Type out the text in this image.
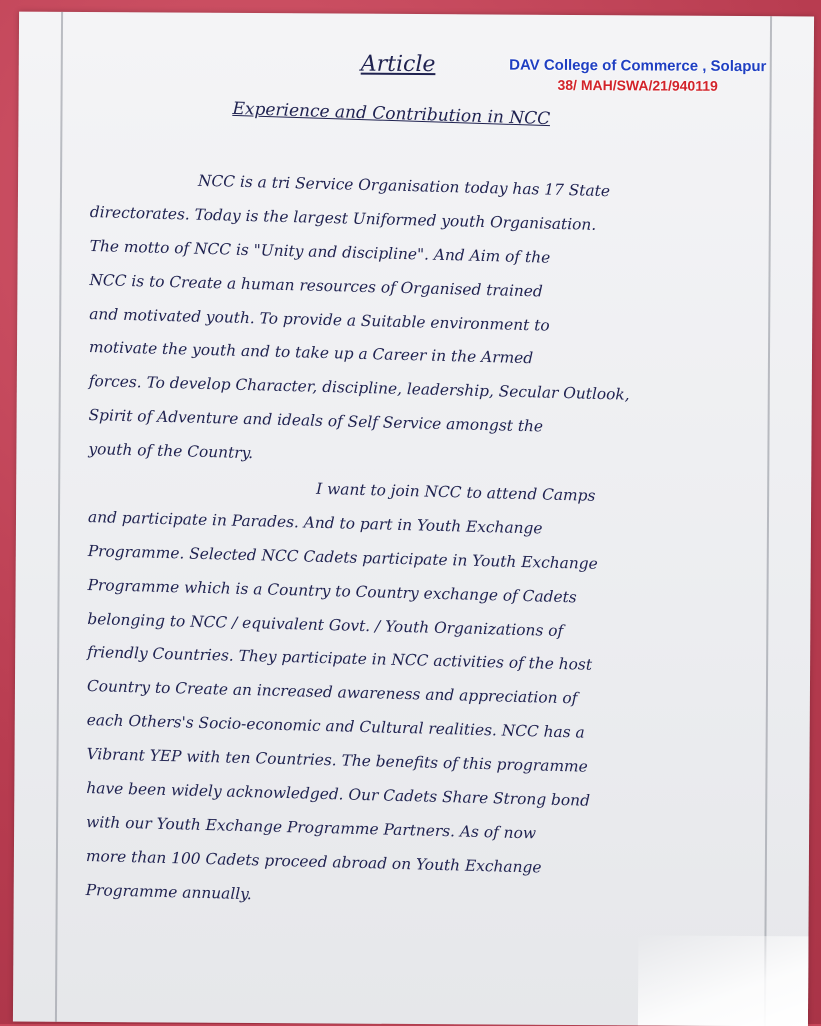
Article
Experience and Contribution in NCC
DAV College of Commerce , Solapur
38/ MAH/SWA/21/940119
NCC is a tri Service Organisation today has 17 State
directorates. Today is the largest Uniformed youth Organisation.
The motto of NCC is "Unity and discipline". And Aim of the
NCC is to Create a human resources of Organised trained
and motivated youth. To provide a Suitable environment to
motivate the youth and to take up a Career in the Armed
forces. To develop Character, discipline, leadership, Secular Outlook,
Spirit of Adventure and ideals of Self Service amongst the
youth of the Country.
I want to join NCC to attend Camps
and participate in Parades. And to part in Youth Exchange
Programme. Selected NCC Cadets participate in Youth Exchange
Programme which is a Country to Country exchange of Cadets
belonging to NCC / equivalent Govt. / Youth Organizations of
friendly Countries. They participate in NCC activities of the host
Country to Create an increased awareness and appreciation of
each Others's Socio-economic and Cultural realities. NCC has a
Vibrant YEP with ten Countries. The benefits of this programme
have been widely acknowledged. Our Cadets Share Strong bond
with our Youth Exchange Programme Partners. As of now
more than 100 Cadets proceed abroad on Youth Exchange
Programme annually.
